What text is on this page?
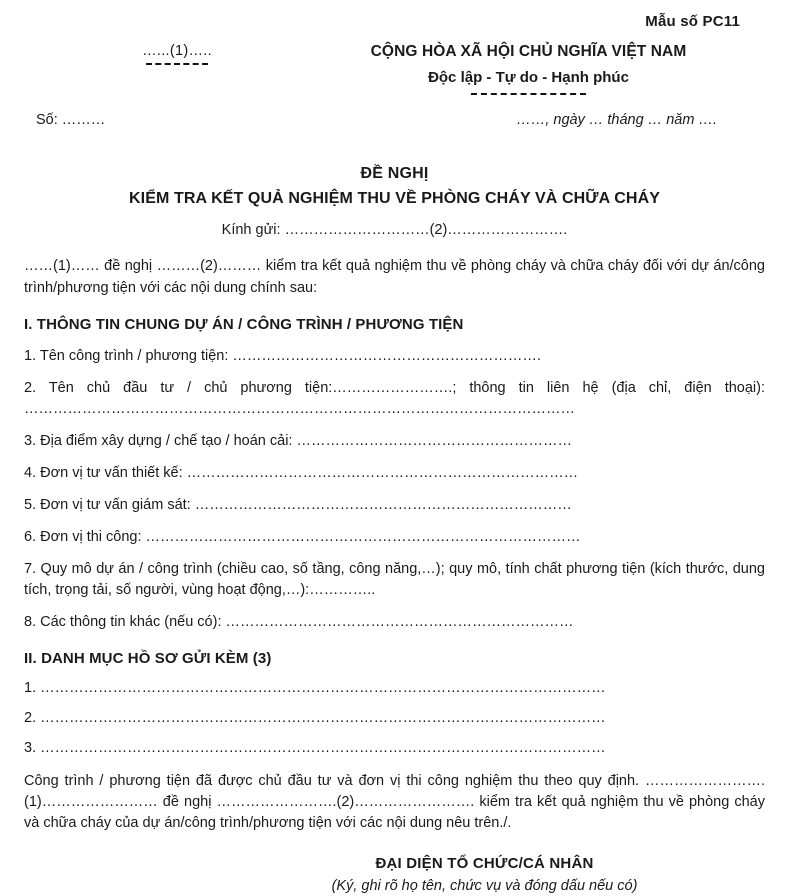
Mẫu số PC11
…...(1)…..	CỘNG HÒA XÃ HỘI CHỦ NGHĨA VIỆT NAM
Độc lập - Tự do - Hạnh phúc
Số: ………	……, ngày … tháng … năm ….
ĐỀ NGHỊ
KIỂM TRA KẾT QUẢ NGHIỆM THU VỀ PHÒNG CHÁY VÀ CHỮA CHÁY
Kính gửi: …………………………(2)…………………….
……(1)…… đề nghị ………(2)……… kiểm tra kết quả nghiệm thu về phòng cháy và chữa cháy đối với dự án/công trình/phương tiện với các nội dung chính sau:
I. THÔNG TIN CHUNG DỰ ÁN / CÔNG TRÌNH / PHƯƠNG TIỆN
1. Tên công trình / phương tiện: ……………………………………………………….
2. Tên chủ đầu tư / chủ phương tiện:…………………….; thông tin liên hệ (địa chỉ, điện thoại): ……………………………………………………………………………………………………
3. Địa điểm xây dựng / chế tạo / hoán cải: …………………………………………………
4. Đơn vị tư vấn thiết kế: ………………………………………………………………………
5. Đơn vị tư vấn giám sát: ……………………………………………………………………
6. Đơn vị thi công: ………………………………………………………………………………
7. Quy mô dự án / công trình (chiều cao, số tầng, công năng,…); quy mô, tính chất phương tiện (kích thước, dung tích, trọng tải, số người, vùng hoạt động,…):…………..
8. Các thông tin khác (nếu có): ………………………………………………………………
II. DANH MỤC HỒ SƠ GỬI KÈM (3)
1. ………………………………………………………………………………………………………
2. ………………………………………………………………………………………………………
3. ………………………………………………………………………………………………………
Công trình / phương tiện đã được chủ đầu tư và đơn vị thi công nghiệm thu theo quy định. …………………….(1)…………………… đề nghị …………………….(2)……………………. kiểm tra kết quả nghiệm thu về phòng cháy và chữa cháy của dự án/công trình/phương tiện với các nội dung nêu trên./.
ĐẠI DIỆN TỔ CHỨC/CÁ NHÂN
(Ký, ghi rõ họ tên, chức vụ và đóng dấu nếu có)
